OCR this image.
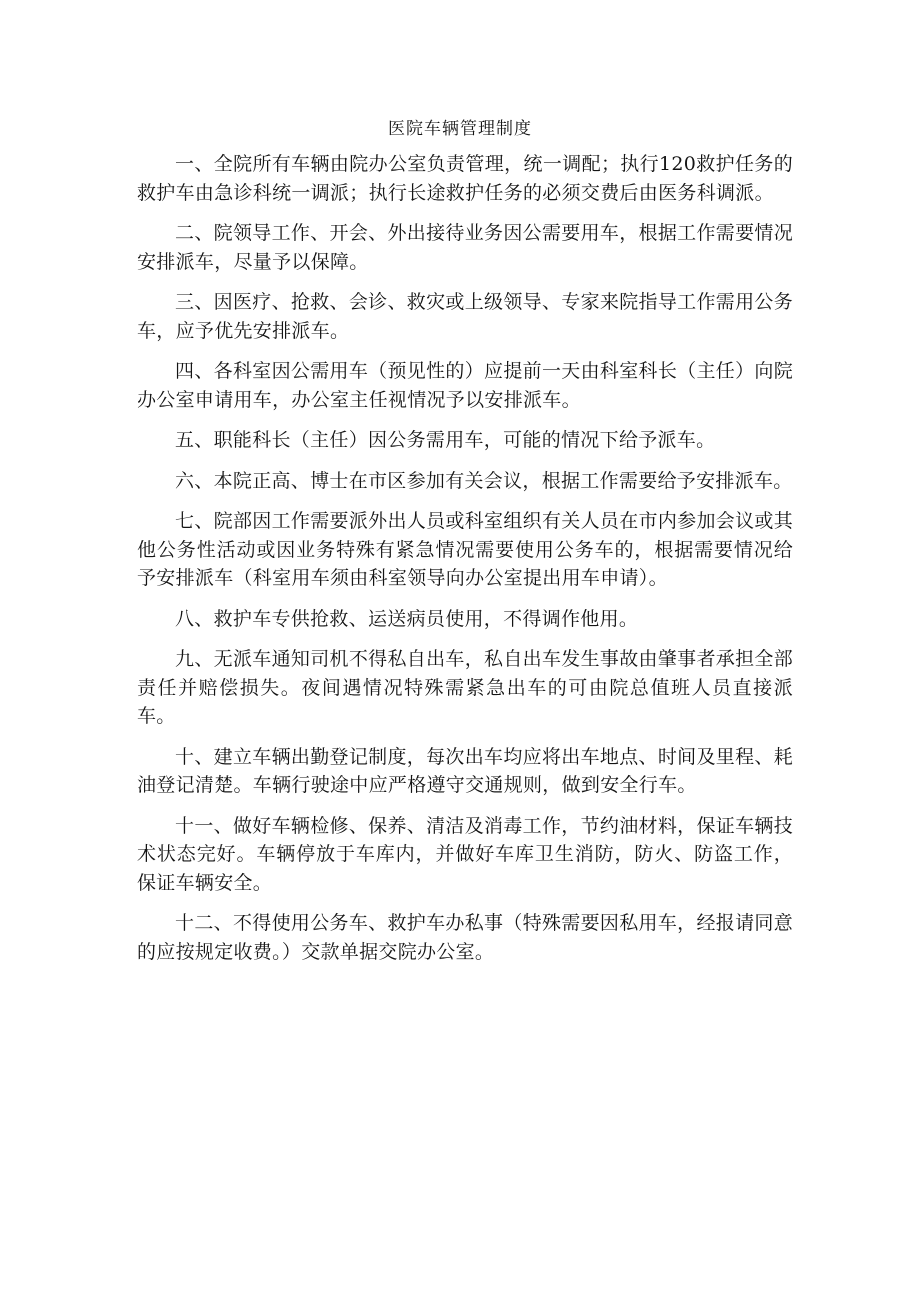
医院车辆管理制度

一、全院所有车辆由院办公室负责管理，统一调配；执行120救护任务的救护车由急诊科统一调派；执行长途救护任务的必须交费后由医务科调派。

二、院领导工作、开会、外出接待业务因公需要用车，根据工作需要情况安排派车，尽量予以保障。

三、因医疗、抢救、会诊、救灾或上级领导、专家来院指导工作需用公务车，应予优先安排派车。

四、各科室因公需用车（预见性的）应提前一天由科室科长（主任）向院办公室申请用车，办公室主任视情况予以安排派车。

五、职能科长（主任）因公务需用车，可能的情况下给予派车。

六、本院正高、博士在市区参加有关会议，根据工作需要给予安排派车。

七、院部因工作需要派外出人员或科室组织有关人员在市内参加会议或其他公务性活动或因业务特殊有紧急情况需要使用公务车的，根据需要情况给予安排派车（科室用车须由科室领导向办公室提出用车申请）。

八、救护车专供抢救、运送病员使用，不得调作他用。

九、无派车通知司机不得私自出车，私自出车发生事故由肇事者承担全部责任并赔偿损失。夜间遇情况特殊需紧急出车的可由院总值班人员直接派车。

十、建立车辆出勤登记制度，每次出车均应将出车地点、时间及里程、耗油登记清楚。车辆行驶途中应严格遵守交通规则，做到安全行车。

十一、做好车辆检修、保养、清洁及消毒工作，节约油材料，保证车辆技术状态完好。车辆停放于车库内，并做好车库卫生消防，防火、防盗工作，保证车辆安全。

十二、不得使用公务车、救护车办私事（特殊需要因私用车，经报请同意的应按规定收费。）交款单据交院办公室。
